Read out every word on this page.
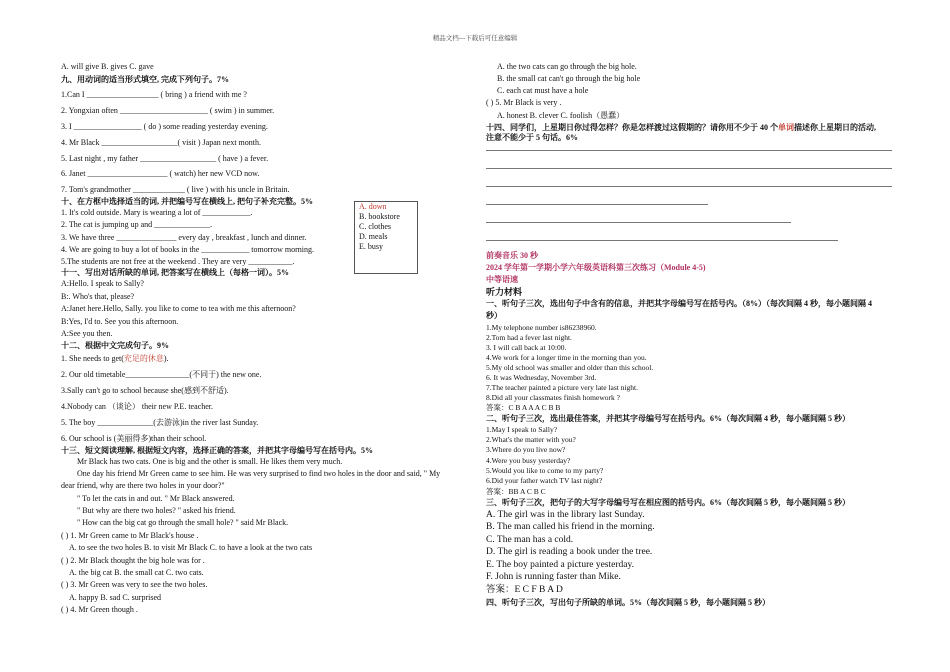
精品文档---下载后可任意编辑
A. will give B. gives C. gave
九、用动词的适当形式填空, 完成下列句子。7%
1.Can I __________________ ( bring ) a friend with me ?
2. Yongxian often ______________________ ( swim ) in summer.
3. I _________________ ( do ) some reading yesterday evening.
4. Mr Black ___________________( visit ) Japan next month.
5. Last night , my father ___________________ ( have ) a fever.
6. Janet ____________________ ( watch) her new VCD now.
7. Tom's grandmother _____________ ( live ) with his uncle in Britain.
十、在方框中选择适当的词, 并把编号写在横线上, 把句子补充完整。5%
1. It's cold outside. Mary is wearing a lot of ____________.
2. The cat is jumping up and ______________.
3. We have three _______________ every day , breakfast , lunch and dinner.
4. We are going to buy a lot of books in the ____________ tomorrow morning.
5.The students are not free at the weekend . They are very ___________.
A. down
B. bookstore
C. clothes
D. meals
E. busy
十一、写出对话所缺的单词, 把答案写在横线上（每格一词）。5%
A:Hello. I speak to Sally?
B:. Who's that, please?
A:Janet here.Hello, Sally. you like to come to tea with me this afternoon?
B:Yes, I'd to. See you this afternoon.
A:See you then.
十二、根据中文完成句子。9%
1. She needs to get(充足的休息).
2. Our old timetable________________(不同于) the new one.
3.Sally can't go to school because she(感到不舒适).
4.Nobody can （谈论） their new P.E. teacher.
5. The boy ______________(去游泳)in the river last Sunday.
6. Our school is (美丽得多)than their school.
十三、短文阅读理解, 根据短文内容，选择正确的答案，并把其字母编号写在括号内。5%
Mr Black has two cats. One is big and the other is small. He likes them very much.
One day his friend Mr Green came to see him. He was very surprised to find two holes in the door and said, " My
dear friend, why are there two holes in your door?"
" To let the cats in and out. " Mr Black answered.
" But why are there two holes? " asked his friend.
" How can the big cat go through the small hole? " said Mr Black.
( ) 1. Mr Green came to Mr Black's house .
A. to see the two holes B. to visit Mr Black C. to have a look at the two cats
( ) 2. Mr Black thought the big hole was for .
A. the big cat B. the small cat C. two cats.
( ) 3. Mr Green was very to see the two holes.
A. happy B. sad C. surprised
( ) 4. Mr Green though .
A. the two cats can go through the big hole.
B. the small cat can't go through the big hole
C. each cat must have a hole
( ) 5. Mr Black is very .
A. honest B. clever C. foolish（愚蠢）
十四、同学们，上星期日你过得怎样？你是怎样渡过这假期的？请你用不少于 40 个单词描述你上星期日的活动,
注意不能少于 5 句话。6%
前奏音乐 30 秒
2024 学年第一学期小学六年级英语科第三次练习（Module 4-5)
中等语速
听力材料
一、听句子三次，选出句子中含有的信息，并把其字母编号写在括号内。（8%）（每次间隔 4 秒，每小题间隔 4
秒）
1.My telephone number is86238960.
2.Tom had a fever last night.
3. I will call back at 10:00.
4.We work for a longer time in the morning than you.
5.My old school was smaller and older than this school.
6. It was Wednesday, November 3rd.
7.The teacher painted a picture very late last night.
8.Did all your classmates finish homework ?
答案：C B A A A C B B
二、听句子三次，选出最佳答案，并把其字母编号写在括号内。6%（每次间隔 4 秒，每小题间隔 5 秒）
1.May I speak to Sally?
2.What's the matter with you?
3.Where do you live now?
4.Were you busy yesterday?
5.Would you like to come to my party?
6.Did your father watch TV last night?
答案：BB A C B C
三、听句子三次，把句子的大写字母编号写在相应图的括号内。6%（每次间隔 5 秒，每小题间隔 5 秒）
A. The girl was in the library last Sunday.
B. The man called his friend in the morning.
C. The man has a cold.
D. The girl is reading a book under the tree.
E. The boy painted a picture yesterday.
F. John is running faster than Mike.
答案：E C F B A D
四、听句子三次，写出句子所缺的单词。5%（每次间隔 5 秒，每小题间隔 5 秒）
